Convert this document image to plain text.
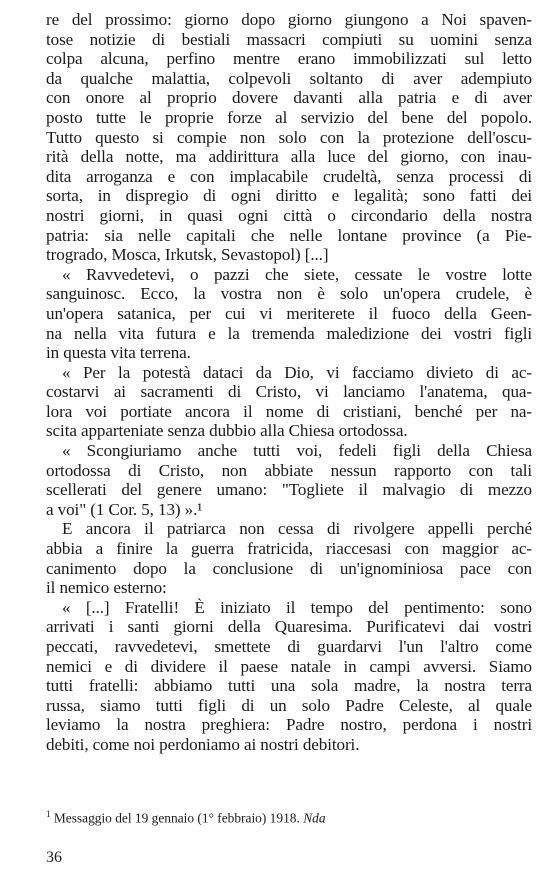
re del prossimo: giorno dopo giorno giungono a Noi spaven-
tose notizie di bestiali massacri compiuti su uomini senza
colpa alcuna, perfino mentre erano immobilizzati sul letto
da qualche malattia, colpevoli soltanto di aver adempiuto
con onore al proprio dovere davanti alla patria e di aver
posto tutte le proprie forze al servizio del bene del popolo.
Tutto questo si compie non solo con la protezione dell'oscu-
rità della notte, ma addirittura alla luce del giorno, con inau-
dita arroganza e con implacabile crudeltà, senza processi di
sorta, in dispregio di ogni diritto e legalità; sono fatti dei
nostri giorni, in quasi ogni città o circondario della nostra
patria: sia nelle capitali che nelle lontane province (a Pie-
trogrado, Mosca, Irkutsk, Sevastopol) [...]
« Ravvedetevi, o pazzi che siete, cessate le vostre lotte
sanguinosc. Ecco, la vostra non è solo un'opera crudele, è
un'opera satanica, per cui vi meriterete il fuoco della Geen-
na nella vita futura e la tremenda maledizione dei vostri figli
in questa vita terrena.
« Per la potestà dataci da Dio, vi facciamo divieto di ac-
costarvi ai sacramenti di Cristo, vi lanciamo l'anatema, qua-
lora voi portiate ancora il nome di cristiani, benché per na-
scita apparteniate senza dubbio alla Chiesa ortodossa.
« Scongiuriamo anche tutti voi, fedeli figli della Chiesa
ortodossa di Cristo, non abbiate nessun rapporto con tali
scellerati del genere umano: "Togliete il malvagio di mezzo
a voi" (1 Cor. 5, 13) ».¹
E ancora il patriarca non cessa di rivolgere appelli perché
abbia a finire la guerra fratricida, riaccesasi con maggior ac-
canimento dopo la conclusione di un'ignominiosa pace con
il nemico esterno:
« [...] Fratelli! È iniziato il tempo del pentimento: sono
arrivati i santi giorni della Quaresima. Purificatevi dai vostri
peccati, ravvedetevi, smettete di guardarvi l'un l'altro come
nemici e di dividere il paese natale in campi avversi. Siamo
tutti fratelli: abbiamo tutti una sola madre, la nostra terra
russa, siamo tutti figli di un solo Padre Celeste, al quale
leviamo la nostra preghiera: Padre nostro, perdona i nostri
debiti, come noi perdoniamo ai nostri debitori.
$^1$ Messaggio del 19 gennaio (1° febbraio) 1918. Nda
36
